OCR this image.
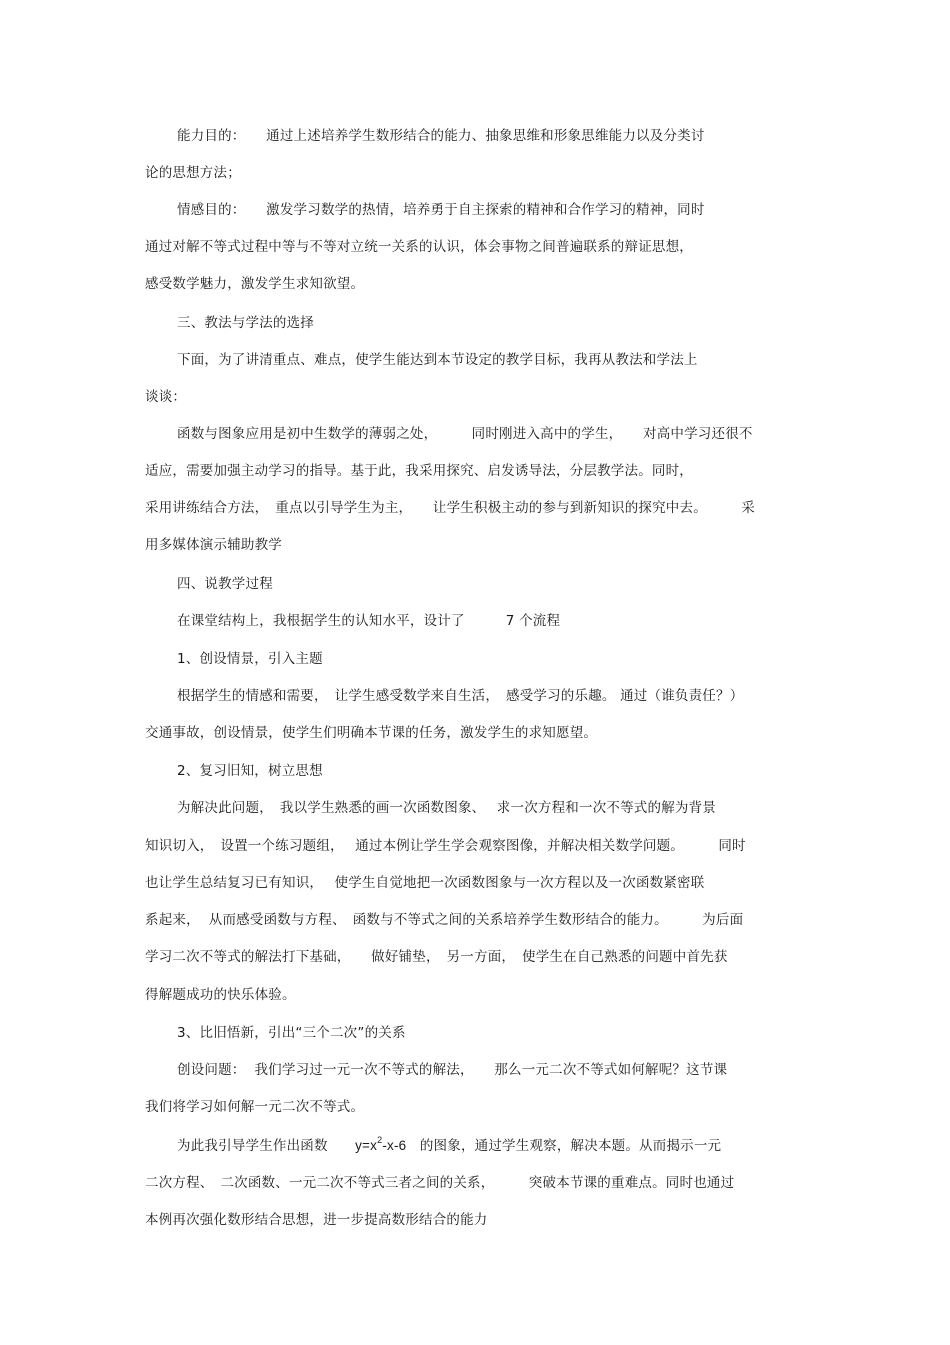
能力目的：　　通过上述培养学生数形结合的能力、抽象思维和形象思维能力以及分类讨

论的思想方法；

情感目的：　　激发学习数学的热情，培养勇于自主探索的精神和合作学习的精神，同时

通过对解不等式过程中等与不等对立统一关系的认识，体会事物之间普遍联系的辩证思想，

感受数学魅力，激发学生求知欲望。

三、教法与学法的选择

下面，为了讲清重点、难点，使学生能达到本节设定的教学目标，我再从教法和学法上

谈谈：

函数与图象应用是初中生数学的薄弱之处，　　　同时刚进入高中的学生，　　对高中学习还很不

适应，需要加强主动学习的指导。基于此，我采用探究、启发诱导法，分层教学法。同时，

采用讲练结合方法，　重点以引导学生为主，　　让学生积极主动的参与到新知识的探究中去。　　　采

用多媒体演示辅助教学

四、说教学过程

在课堂结构上，我根据学生的认知水平，设计了　　　7 个流程

1、创设情景，引入主题

根据学生的情感和需要，　让学生感受数学来自生活，　感受学习的乐趣。 通过（谁负责任？）

交通事故，创设情景，使学生们明确本节课的任务，激发学生的求知愿望。

2、复习旧知，树立思想

为解决此问题，　我以学生熟悉的画一次函数图象、　 求一次方程和一次不等式的解为背景

知识切入，　设置一个练习题组，　 通过本例让学生学会观察图像，并解决相关数学问题。　　　同时

也让学生总结复习已有知识，　 使学生自觉地把一次函数图象与一次方程以及一次函数紧密联

系起来，  从而感受函数与方程、　函数与不等式之间的关系培养学生数形结合的能力。　　　为后面

学习二次不等式的解法打下基础，　　做好铺垫，　另一方面，　使学生在自己熟悉的问题中首先获

得解题成功的快乐体验。

3、比旧悟新，引出“三个二次”的关系

创设问题：  我们学习过一元一次不等式的解法，　　那么一元二次不等式如何解呢？这节课

我们将学习如何解一元二次不等式。

为此我引导学生作出函数　　$y=x^2-x-6$   的图象，通过学生观察，解决本题。从而揭示一元

二次方程、　二次函数、一元二次不等式三者之间的关系，　　　突破本节课的重难点。同时也通过

本例再次强化数形结合思想，进一步提高数形结合的能力
